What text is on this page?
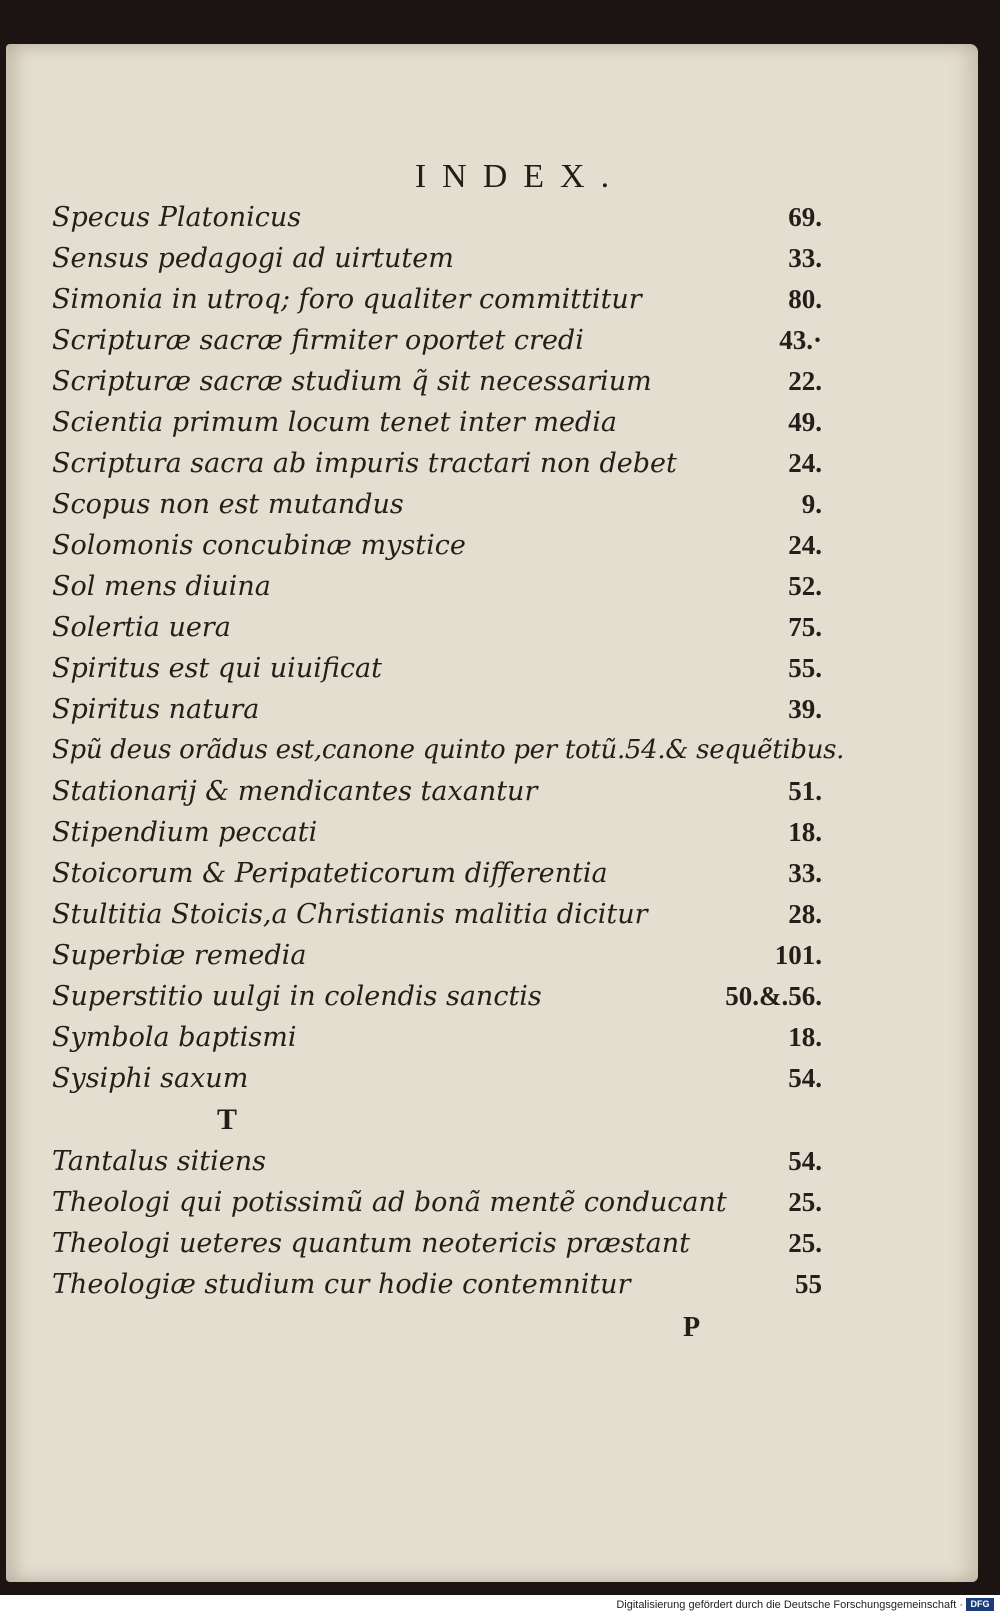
INDEX.
Specus Platonicus	69.
Sensus pedagogi ad uirtutem	33.
Simonia in utroq; foro qualiter committitur	80.
Scripturæ sacræ firmiter oportet credi	43.·
Scripturæ sacræ studium q̃ sit necessarium	22.
Scientia primum locum tenet inter media	49.
Scriptura sacra ab impuris tractari non debet	24.
Scopus non est mutandus	9.
Solomonis concubinæ mystice	24.
Sol mens diuina	52.
Solertia uera	75.
Spiritus est qui uiuificat	55.
Spiritus natura	39.
Spũ deus orãdus est,canone quinto per totũ.54.& sequẽtibus.
Stationarij & mendicantes taxantur	51.
Stipendium peccati	18.
Stoicorum & Peripateticorum differentia	33.
Stultitia Stoicis,a Christianis malitia dicitur	28.
Superbiæ remedia	101.
Superstitio uulgi in colendis sanctis	50.&.56.
Symbola baptismi	18.
Sysiphi saxum	54.
T
Tantalus sitiens	54.
Theologi qui potissimũ ad bonã mentẽ conducant 25.
Theologi ueteres quantum neotericis præstant	25.
Theologiæ studium cur hodie contemnitur	55
P
Digitalisierung gefördert durch die Deutsche Forschungsgemeinschaft · DFG
